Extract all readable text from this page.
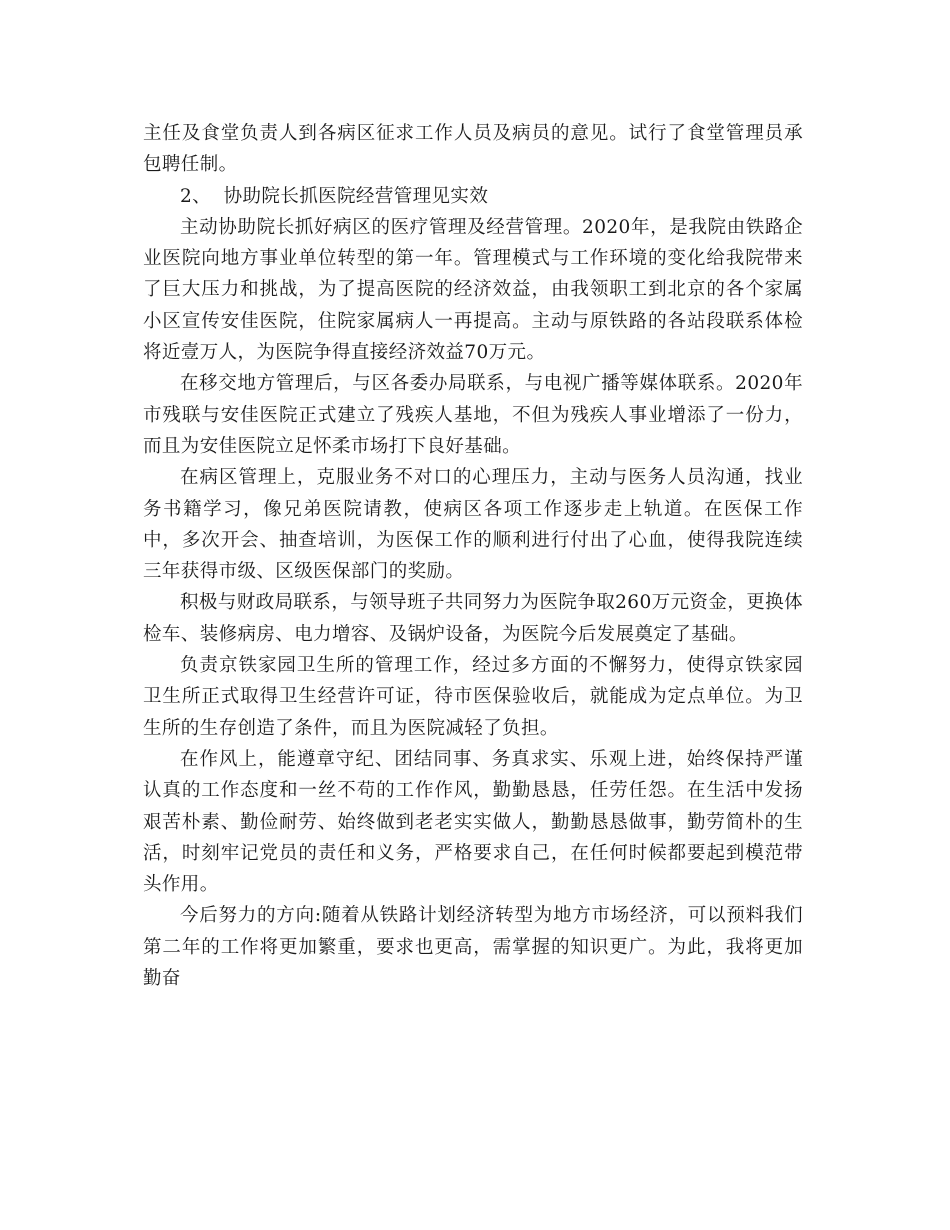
主任及食堂负责人到各病区征求工作人员及病员的意见。试行了食堂管理员承包聘任制。

2、  协助院长抓医院经营管理见实效

主动协助院长抓好病区的医疗管理及经营管理。2020年，是我院由铁路企业医院向地方事业单位转型的第一年。管理模式与工作环境的变化给我院带来了巨大压力和挑战，为了提高医院的经济效益，由我领职工到北京的各个家属小区宣传安佳医院，住院家属病人一再提高。主动与原铁路的各站段联系体检将近壹万人，为医院争得直接经济效益70万元。

在移交地方管理后，与区各委办局联系，与电视广播等媒体联系。2020年市残联与安佳医院正式建立了残疾人基地，不但为残疾人事业增添了一份力，而且为安佳医院立足怀柔市场打下良好基础。

在病区管理上，克服业务不对口的心理压力，主动与医务人员沟通，找业务书籍学习，像兄弟医院请教，使病区各项工作逐步走上轨道。在医保工作中，多次开会、抽查培训，为医保工作的顺利进行付出了心血，使得我院连续三年获得市级、区级医保部门的奖励。

积极与财政局联系，与领导班子共同努力为医院争取260万元资金，更换体检车、装修病房、电力增容、及锅炉设备，为医院今后发展奠定了基础。

负责京铁家园卫生所的管理工作，经过多方面的不懈努力，使得京铁家园卫生所正式取得卫生经营许可证，待市医保验收后，就能成为定点单位。为卫生所的生存创造了条件，而且为医院减轻了负担。

在作风上，能遵章守纪、团结同事、务真求实、乐观上进，始终保持严谨认真的工作态度和一丝不苟的工作作风，勤勤恳恳，任劳任怨。在生活中发扬艰苦朴素、勤俭耐劳、始终做到老老实实做人，勤勤恳恳做事，勤劳简朴的生活，时刻牢记党员的责任和义务，严格要求自己，在任何时候都要起到模范带头作用。

今后努力的方向:随着从铁路计划经济转型为地方市场经济，可以预料我们第二年的工作将更加繁重，要求也更高，需掌握的知识更广。为此，我将更加勤奋
